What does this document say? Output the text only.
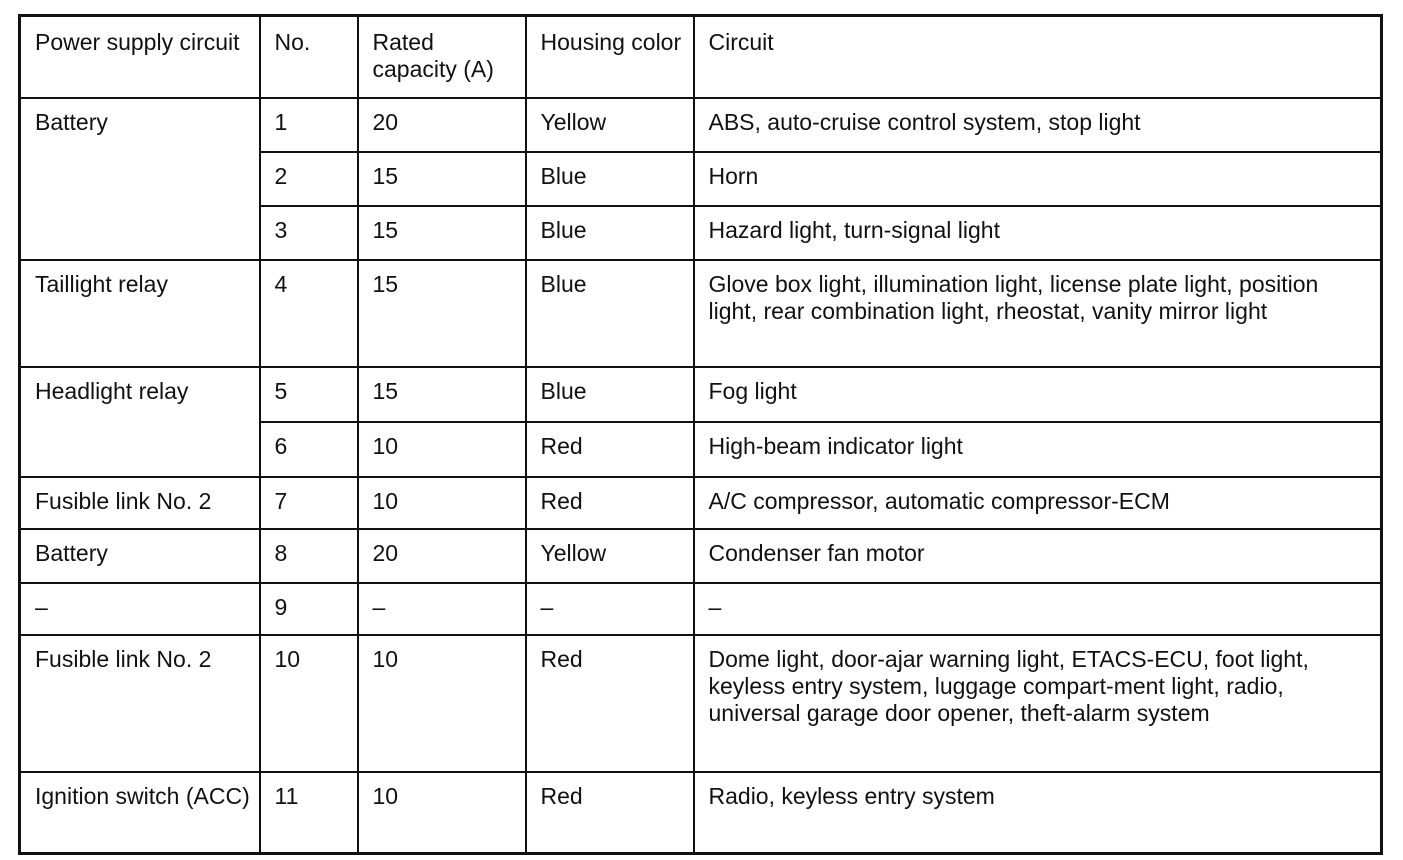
Power supply circuit	No.	Rated capacity (A)	Housing color	Circuit
Battery	1	20	Yellow	ABS, auto-cruise control system, stop light
	2	15	Blue	Horn
	3	15	Blue	Hazard light, turn-signal light
Taillight relay	4	15	Blue	Glove box light, illumination light, license plate light, position light, rear combination light, rheostat, vanity mirror light
Headlight relay	5	15	Blue	Fog light
	6	10	Red	High-beam indicator light
Fusible link No. 2	7	10	Red	A/C compressor, automatic compressor-ECM
Battery	8	20	Yellow	Condenser fan motor
–	9	–	–	–
Fusible link No. 2	10	10	Red	Dome light, door-ajar warning light, ETACS-ECU, foot light, keyless entry system, luggage compart-ment light, radio, universal garage door opener, theft-alarm system
Ignition switch (ACC)	11	10	Red	Radio, keyless entry system
